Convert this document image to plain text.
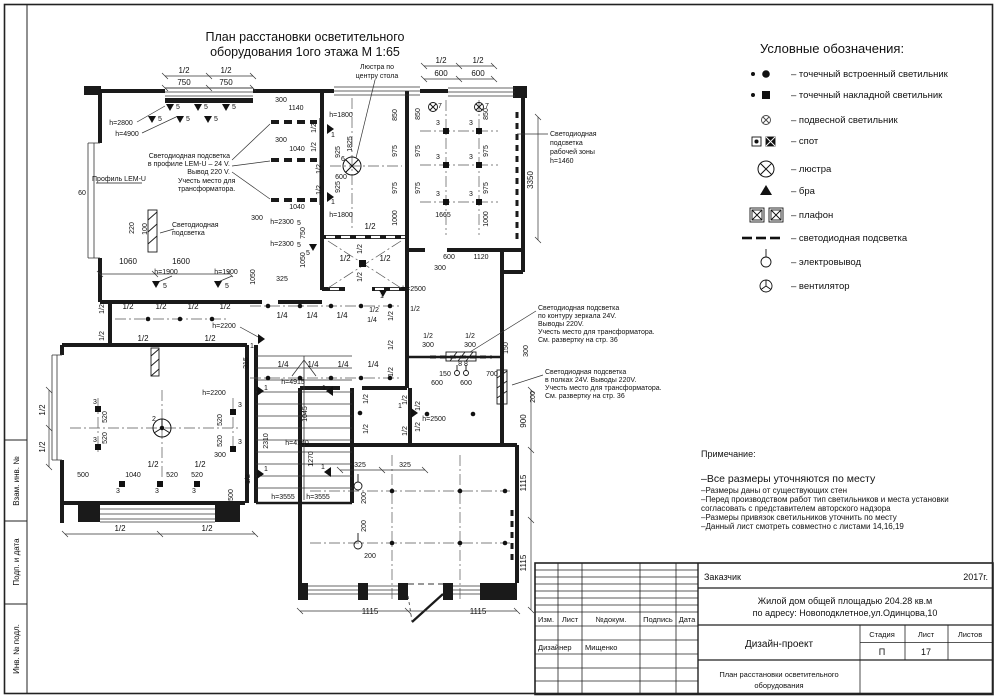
Взам. инв. №
Подп. и дата
Инв. № подл.
План расстановки осветительного
оборудования 1ого этажа М 1:65
1/2	1/2
750	750
5	5	5
5	5	5
h=2800
h=4900
300
1140
300
1040
1040
300
1/2
1/2
1/2
1/2
Светодиодная подсветка
в профиле LEM-U – 24 V.
Вывод 220 V.
Профиль LEM-U	Учесть место для
трансформатора.
60
220 100	Светодиодная
подсветка
1060	1600
h=1900	h=1900
5	5
5
1050	325
h=2300 5
h=2300 5
750
1050
1/2	1/2	1/2	1/2
h=2200
1/2	1/2
1/2
1/2
1
315
1/2	1/2
1/2
1/2
1/2
1/4 1/4 1/4
1/2
1/4
1/4 1/4 1/4 1/4
h=2500
1
h=4915
1/2
1/2
1/2
1/2
1/2
300
1/2
300
h=1800
1
h=1800
1
6
600
1825
925
925
850
975
975
1000
1/2	1/2
600	600
7	7
3	3
3	3
3	3
850	850
975	975
975	975
1000
1665
3350
Светодиодная
подсветка
рабочей зоны
h=1460
600	1120
300
150 300
200
900
8 8
150	700
600 600
Светодиодная подсветка
по контуру зеркала 24V.
Выводы 220V.
Учесть место для трансформатора.
См. развертку на стр. 36
Светодиодная подсветка
в полках 24V. Выводы 220V.
Учесть место для трансформатора.
См. развертку на стр. 36
h=2500
1
1/2
1/2
1/2
1/2
1/2
1/2
1045
2310 h=4140
1270
h=3555 h=3555
1	1
1	1
2
3
3
3
3
520
520
520
520
300
h=2200
1/2	1/2
1040	520 520
500
3	3	3	500
1/2	1/2
1/2
1/2
1/2
325	325
200
200
200
1115	1115
1115
1115
Люстра по
центру стола
Условные обозначения:
– точечный встроенный светильник
– точечный накладной светильник
– подвесной светильник
– спот
– люстра
– бра
– плафон
– светодиодная подсветка
– электровывод
– вентилятор
Примечание:
–Все размеры уточняются по месту
–Размеры даны от существующих стен
–Перед производством работ тип светильников и места установки
согласовать с представителем авторского надзора
–Размеры привязок светильников уточнить по месту
–Данный лист смотреть совместно с листами 14,16,19
Заказчик	2017г.
Жилой дом общей площадью 204.28 кв.м
по адресу: Новоподклетное,ул.Одинцова,10
Изм. Лист №докум. Подпись Дата
Дизайнер Мищенко	Дизайн-проект
Стадия	Лист	Листов
П	17
План расстановки осветительного
оборудования
